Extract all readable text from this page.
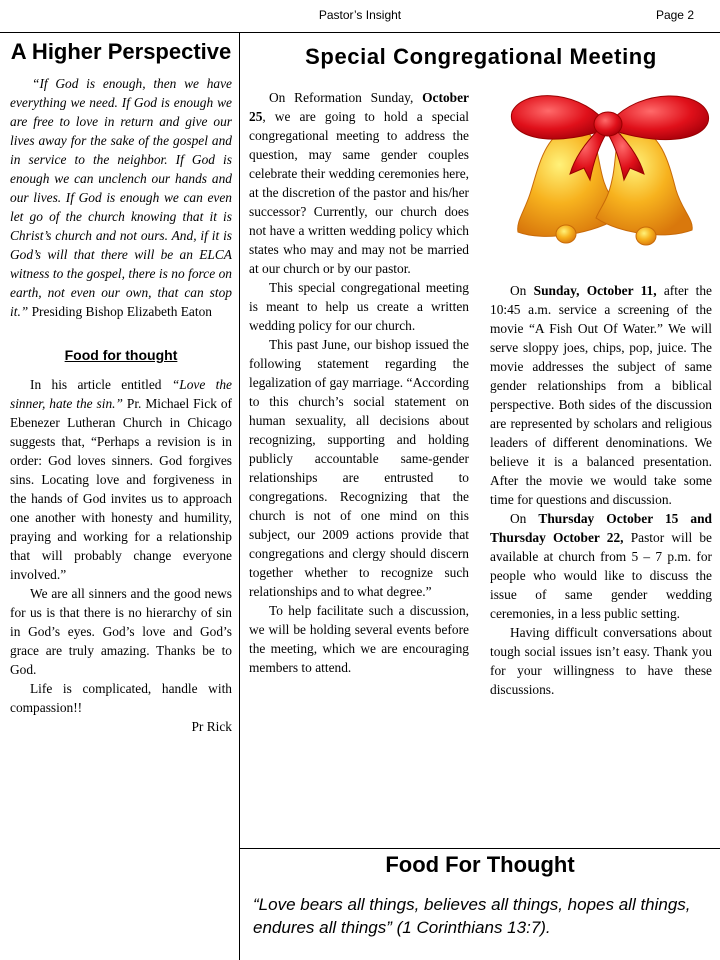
Pastor’s Insight	Page 2
A Higher Perspective

“If God is enough, then we have everything we need. If God is enough we are free to love in return and give our lives away for the sake of the gospel and in service to the neighbor. If God is enough we can unclench our hands and our lives. If God is enough we can even let go of the church knowing that it is Christ’s church and not ours. And, if it is God’s will that there will be an ELCA witness to the gospel, there is no force on earth, not even our own, that can stop it.” Presiding Bishop Elizabeth Eaton

Food for thought

In his article entitled “Love the sinner, hate the sin.” Pr. Michael Fick of Ebenezer Lutheran Church in Chicago suggests that, “Perhaps a revision is in order: God loves sinners. God forgives sins. Locating love and forgiveness in the hands of God invites us to approach one another with honesty and humility, praying and working for a relationship that will probably change everyone involved.”

We are all sinners and the good news for us is that there is no hierarchy of sin in God’s eyes. God’s love and God’s grace are truly amazing. Thanks be to God.

Life is complicated, handle with compassion!!

Pr Rick

Special Congregational Meeting

On Reformation Sunday, October 25, we are going to hold a special congregational meeting to address the question, may same gender couples celebrate their wedding ceremonies here, at the discretion of the pastor and his/her successor? Currently, our church does not have a written wedding policy which states who may and may not be married at our church or by our pastor.

This special congregational meeting is meant to help us create a written wedding policy for our church.

This past June, our bishop issued the following statement regarding the legalization of gay marriage. “According to this church’s social statement on human sexuality, all decisions about recognizing, supporting and holding publicly accountable same-gender relationships are entrusted to congregations. Recognizing that the church is not of one mind on this subject, our 2009 actions provide that congregations and clergy should discern together whether to recognize such relationships and to what degree.”

To help facilitate such a discussion, we will be holding several events before the meeting, which we are encouraging members to attend.

On Sunday, October 11, after the 10:45 a.m. service a screening of the movie “A Fish Out Of Water.” We will serve sloppy joes, chips, pop, juice. The movie addresses the subject of same gender relationships from a biblical perspective. Both sides of the discussion are represented by scholars and religious leaders of different denominations. We believe it is a balanced presentation. After the movie we would take some time for questions and discussion.

On Thursday October 15 and Thursday October 22, Pastor will be available at church from 5 – 7 p.m. for people who would like to discuss the issue of same gender wedding ceremonies, in a less public setting.

Having difficult conversations about tough social issues isn’t easy. Thank you for your willingness to have these discussions.

Food For Thought
“Love bears all things, believes all things, hopes all things, endures all things” (1 Corinthians 13:7).
